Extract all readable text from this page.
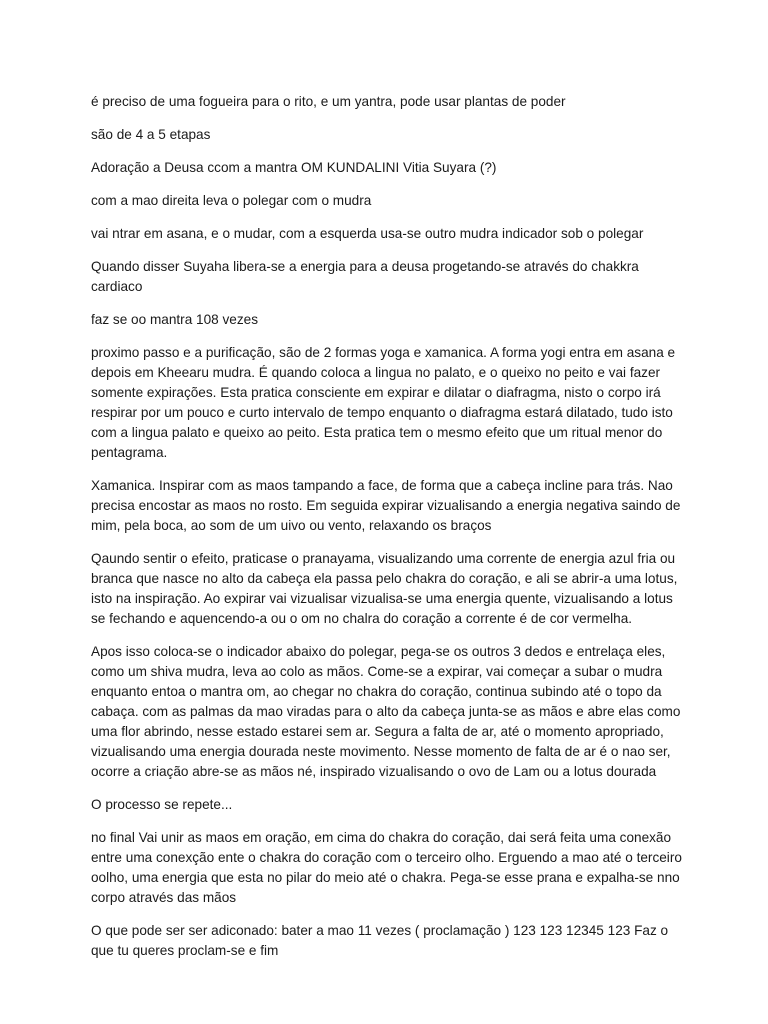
é preciso de uma fogueira para o rito, e um yantra, pode usar plantas de poder

são de 4 a 5 etapas

Adoração a Deusa ccom a mantra OM KUNDALINI Vitia Suyara (?)

com a mao direita leva o polegar com o mudra

vai ntrar em asana, e o mudar, com a esquerda usa-se outro mudra indicador sob o polegar

Quando disser Suyaha libera-se a energia para a deusa progetando-se através do chakkra cardiaco

faz se oo mantra 108 vezes

proximo passo e a purificação, são de 2 formas yoga e xamanica. A forma yogi entra em asana e depois em Kheearu mudra. É quando coloca a lingua no palato, e o queixo no peito e vai fazer somente expirações. Esta pratica consciente em expirar e dilatar o diafragma, nisto o corpo irá respirar por um pouco e curto intervalo de tempo enquanto o diafragma estará dilatado, tudo isto com a lingua palato e queixo ao peito. Esta pratica tem o mesmo efeito que um ritual menor do pentagrama.

Xamanica. Inspirar com as maos tampando a face, de forma que a cabeça incline para trás. Nao precisa encostar as maos no rosto. Em seguida expirar vizualisando a energia negativa saindo de mim, pela boca, ao som de um uivo ou vento, relaxando os braços

Qaundo sentir o efeito, praticase o pranayama, visualizando uma corrente de energia azul fria ou branca que nasce no alto da cabeça ela passa pelo chakra do coração, e ali se abrir-a uma lotus, isto na inspiração. Ao expirar vai vizualisar vizualisa-se uma energia quente, vizualisando a lotus se fechando e aquencendo-a ou o om no chalra do coração a corrente é de cor vermelha.

Apos isso coloca-se o indicador abaixo do polegar, pega-se os outros 3 dedos e entrelaça eles, como um shiva mudra, leva ao colo as mãos. Come-se a expirar, vai começar a subar o mudra enquanto entoa o mantra om, ao chegar no chakra do coração, continua subindo até o topo da cabaça. com as palmas da mao viradas para o alto da cabeça junta-se as mãos e abre elas como uma flor abrindo, nesse estado estarei sem ar. Segura a falta de ar, até o momento apropriado, vizualisando uma energia dourada neste movimento. Nesse momento de falta de ar é o nao ser, ocorre a criação abre-se as mãos né, inspirado vizualisando o ovo de Lam ou a lotus dourada

O processo se repete...

no final Vai unir as maos em oração, em cima do chakra do coração, dai será feita uma conexão entre uma conexção ente o chakra do coração com o terceiro olho. Erguendo a mao até o terceiro oolho, uma energia que esta no pilar do meio até o chakra. Pega-se esse prana e expalha-se nno corpo através das mãos

O que pode ser ser adiconado: bater a mao 11 vezes ( proclamação ) 123 123 12345 123 Faz o que tu queres proclam-se e fim
